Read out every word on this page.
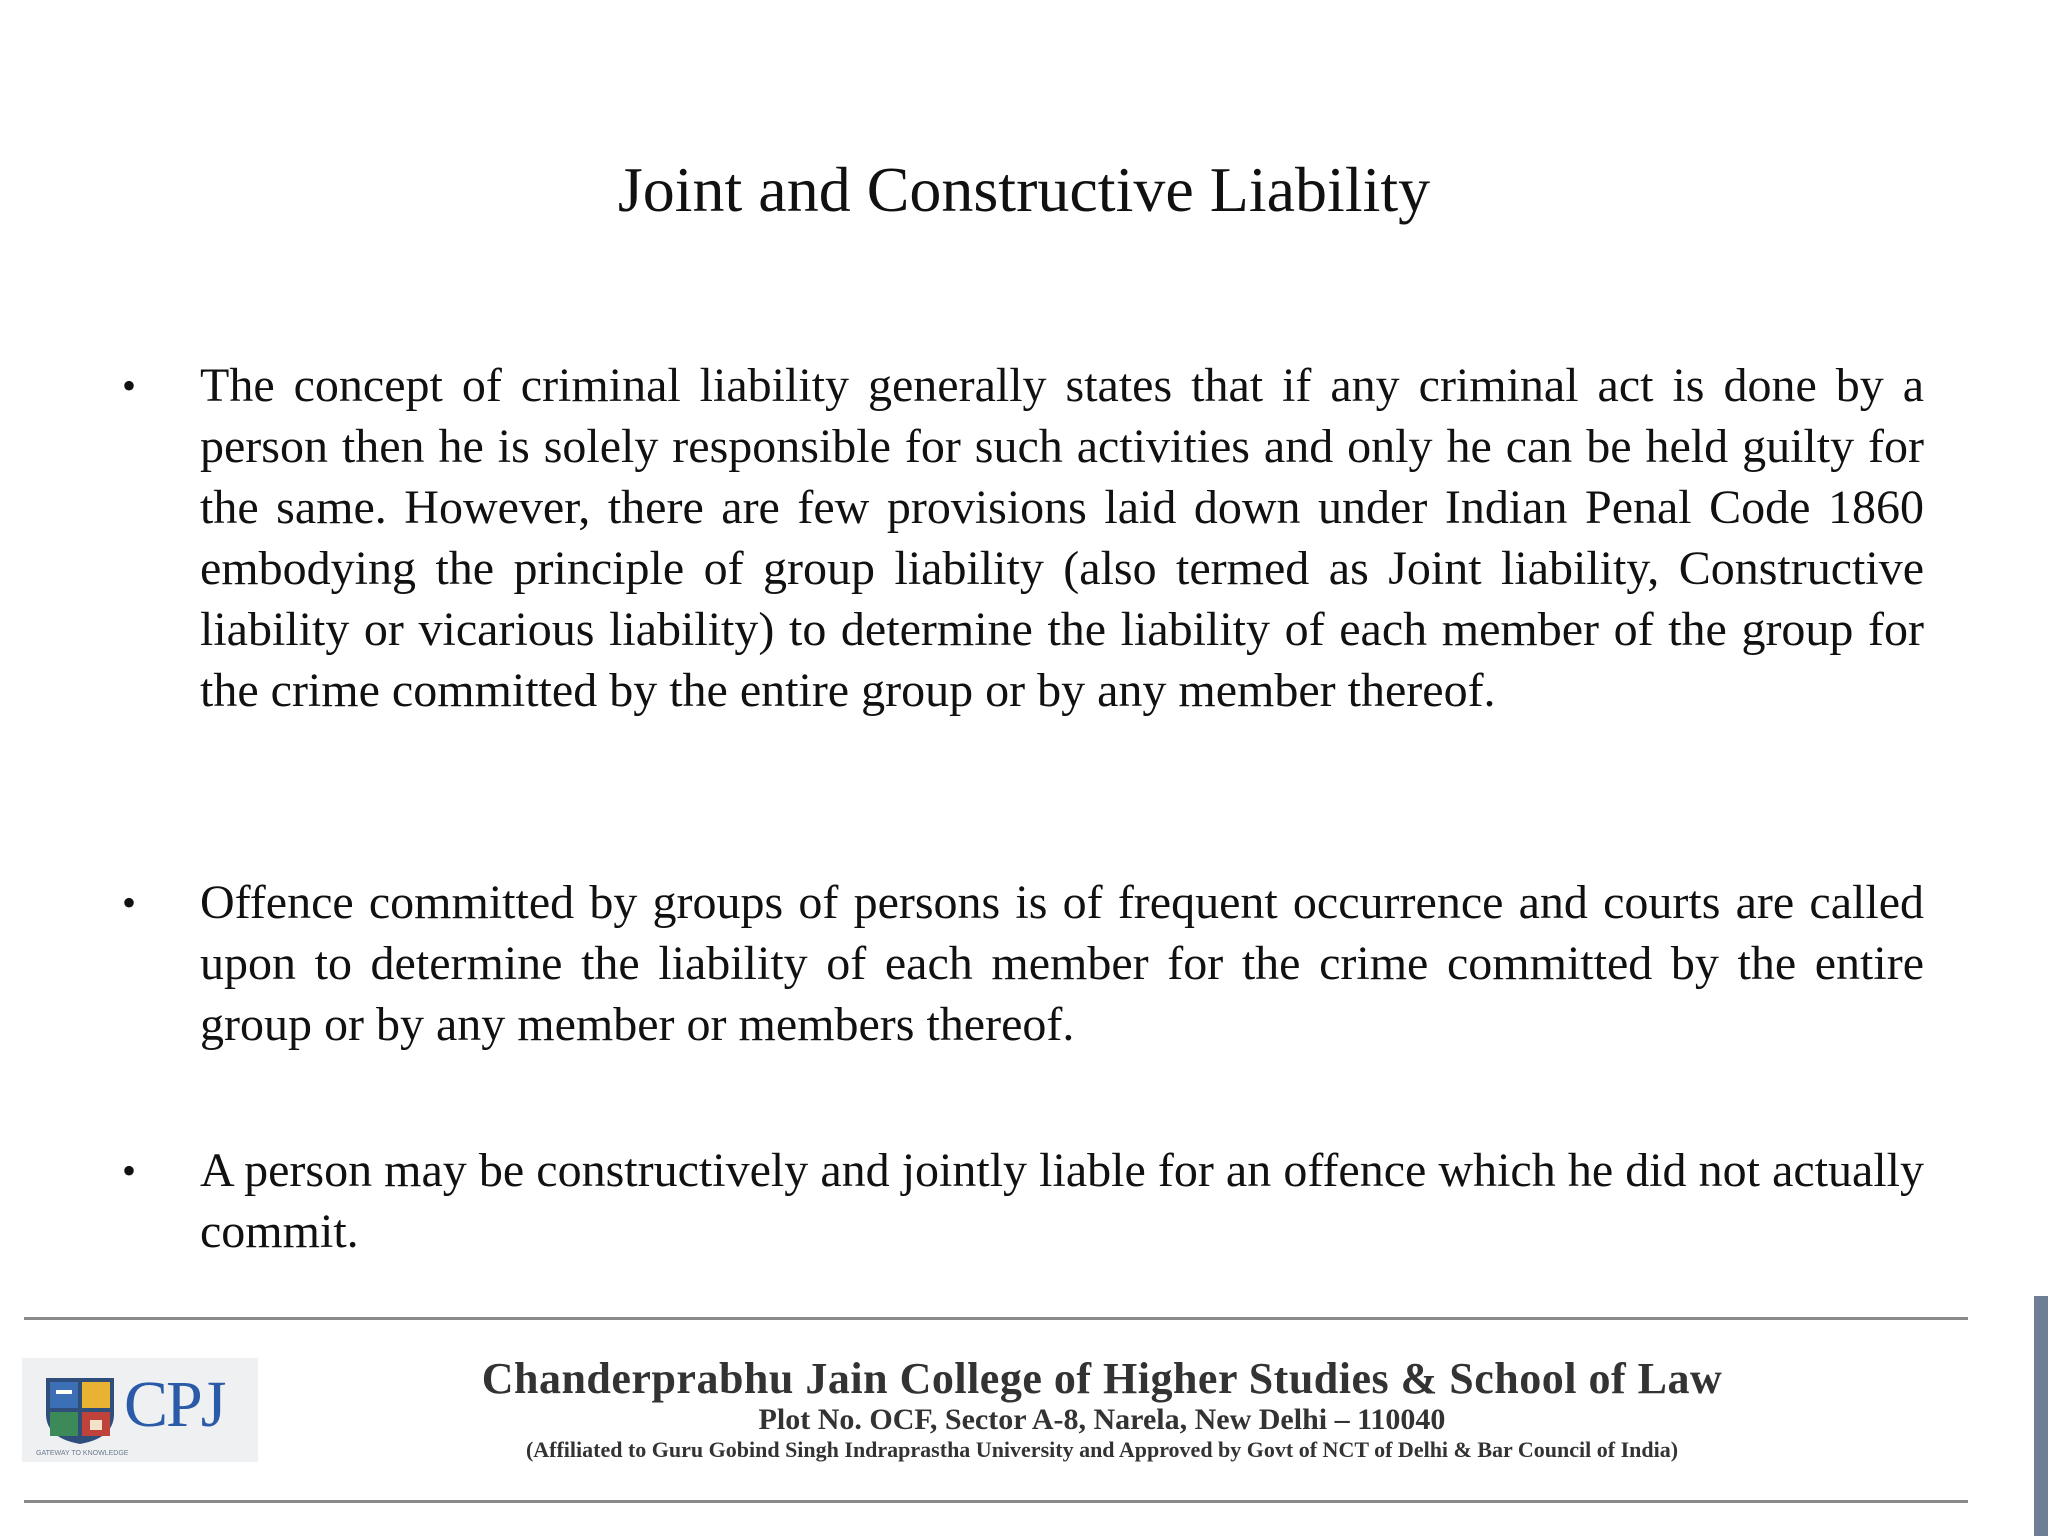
Joint and Constructive Liability
• The concept of criminal liability generally states that if any criminal act is done by a person then he is solely responsible for such activities and only he can be held guilty for the same. However, there are few provisions laid down under Indian Penal Code 1860 embodying the principle of group liability (also termed as Joint liability, Constructive liability or vicarious liability) to determine the liability of each member of the group for the crime committed by the entire group or by any member thereof.
• Offence committed by groups of persons is of frequent occurrence and courts are called upon to determine the liability of each member for the crime committed by the entire group or by any member or members thereof.
• A person may be constructively and jointly liable for an offence which he did not actually commit.
CPJ
GATEWAY TO KNOWLEDGE
Chanderprabhu Jain College of Higher Studies & School of Law
Plot No. OCF, Sector A-8, Narela, New Delhi – 110040
(Affiliated to Guru Gobind Singh Indraprastha University and Approved by Govt of NCT of Delhi & Bar Council of India)
